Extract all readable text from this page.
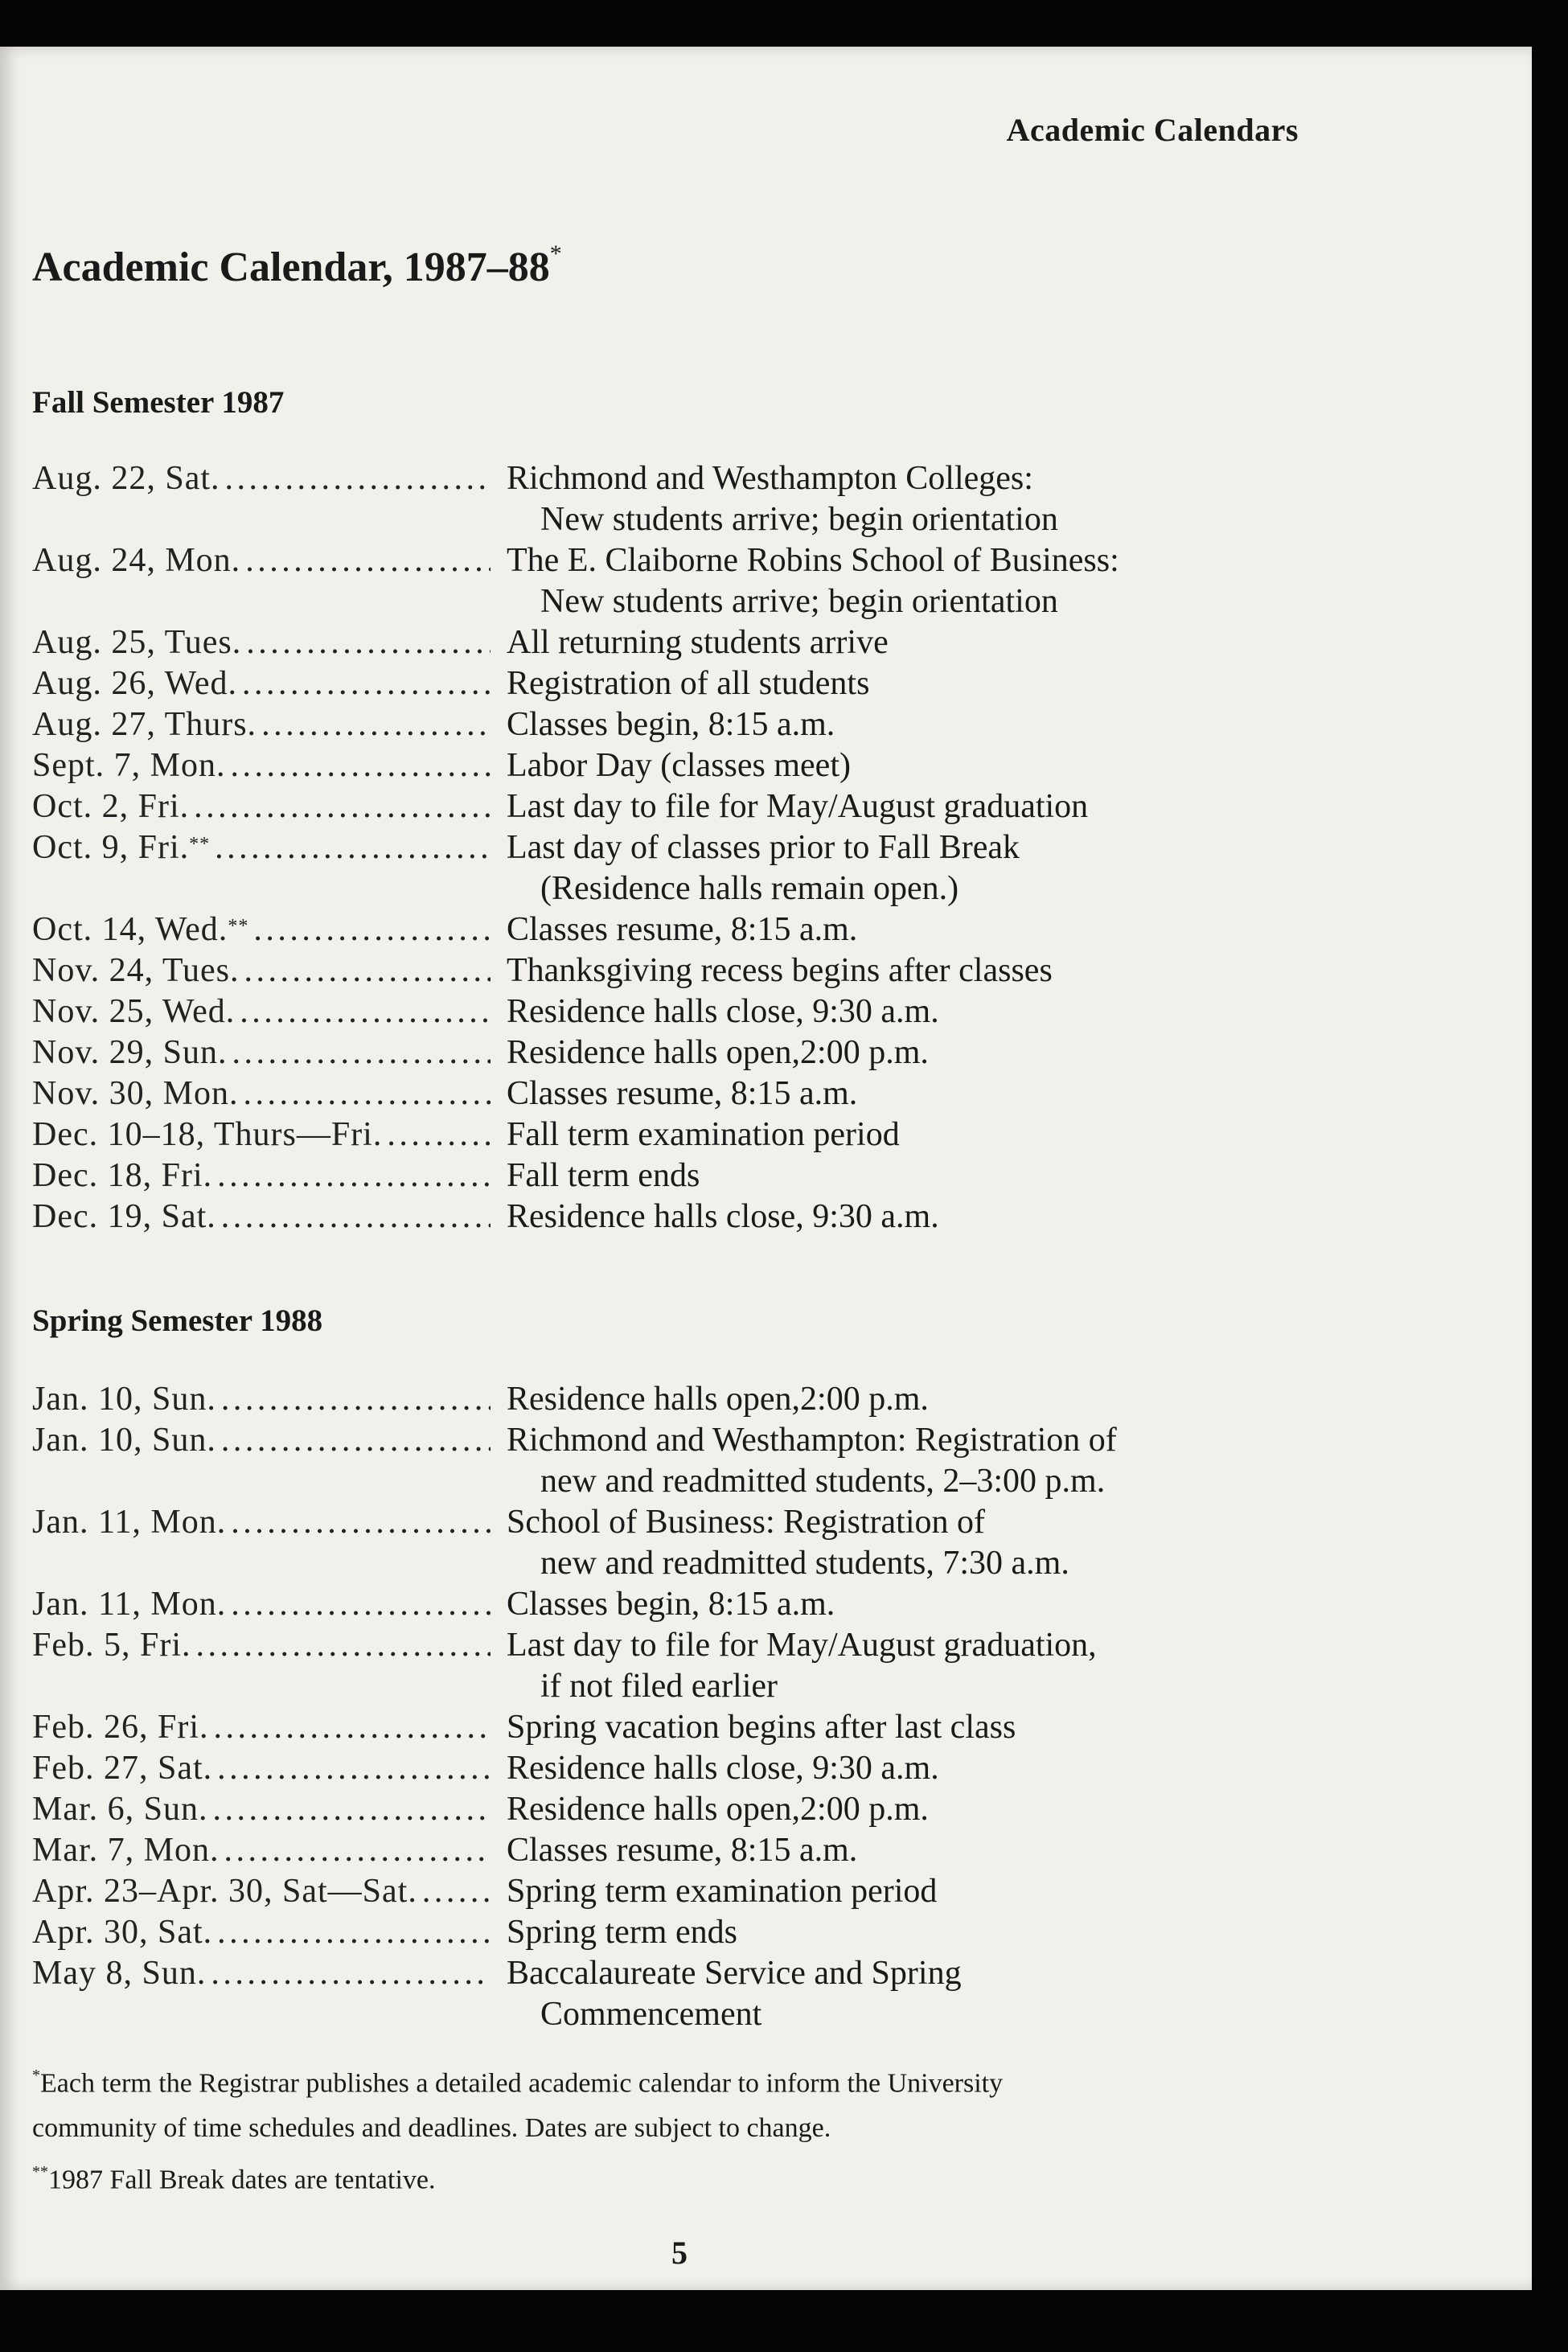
Academic Calendars
Academic Calendar, 1987–88*
Fall Semester 1987
Aug. 22, Sat. .....	Richmond and Westhampton Colleges:
New students arrive; begin orientation
Aug. 24, Mon. .....	The E. Claiborne Robins School of Business:
New students arrive; begin orientation
Aug. 25, Tues. .....	All returning students arrive
Aug. 26, Wed. .....	Registration of all students
Aug. 27, Thurs. .....	Classes begin, 8:15 a.m.
Sept. 7, Mon. .....	Labor Day (classes meet)
Oct. 2, Fri. .....	Last day to file for May/August graduation
Oct. 9, Fri.** .....	Last day of classes prior to Fall Break
(Residence halls remain open.)
Oct. 14, Wed.** .....	Classes resume, 8:15 a.m.
Nov. 24, Tues. .....	Thanksgiving recess begins after classes
Nov. 25, Wed. .....	Residence halls close, 9:30 a.m.
Nov. 29, Sun. .....	Residence halls open,2:00 p.m.
Nov. 30, Mon. .....	Classes resume, 8:15 a.m.
Dec. 10–18, Thurs—Fri. .....	Fall term examination period
Dec. 18, Fri. .....	Fall term ends
Dec. 19, Sat. .....	Residence halls close, 9:30 a.m.
Spring Semester 1988
Jan. 10, Sun. .....	Residence halls open,2:00 p.m.
Jan. 10, Sun. .....	Richmond and Westhampton: Registration of
new and readmitted students, 2–3:00 p.m.
Jan. 11, Mon. .....	School of Business: Registration of
new and readmitted students, 7:30 a.m.
Jan. 11, Mon. .....	Classes begin, 8:15 a.m.
Feb. 5, Fri. .....	Last day to file for May/August graduation,
if not filed earlier
Feb. 26, Fri. .....	Spring vacation begins after last class
Feb. 27, Sat. .....	Residence halls close, 9:30 a.m.
Mar. 6, Sun. .....	Residence halls open,2:00 p.m.
Mar. 7, Mon. .....	Classes resume, 8:15 a.m.
Apr. 23–Apr. 30, Sat—Sat. .....	Spring term examination period
Apr. 30, Sat. .....	Spring term ends
May 8, Sun. .....	Baccalaureate Service and Spring
Commencement

*Each term the Registrar publishes a detailed academic calendar to inform the University
community of time schedules and deadlines. Dates are subject to change.

**1987 Fall Break dates are tentative.

5
